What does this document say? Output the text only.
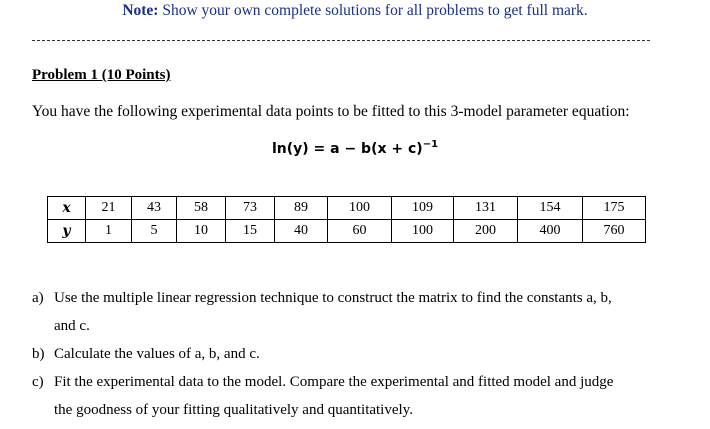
Note: Show your own complete solutions for all problems to get full mark.
Problem 1 (10 Points)
You have the following experimental data points to be fitted to this 3-model parameter equation:
$\ln(y) = a - b(x + c)^{-1}$
x	21	43	58	73	89	100	109	131	154	175
y	1	5	10	15	40	60	100	200	400	760
a) Use the multiple linear regression technique to construct the matrix to find the constants a, b,
and c.
b) Calculate the values of a, b, and c.
c) Fit the experimental data to the model. Compare the experimental and fitted model and judge
the goodness of your fitting qualitatively and quantitatively.
